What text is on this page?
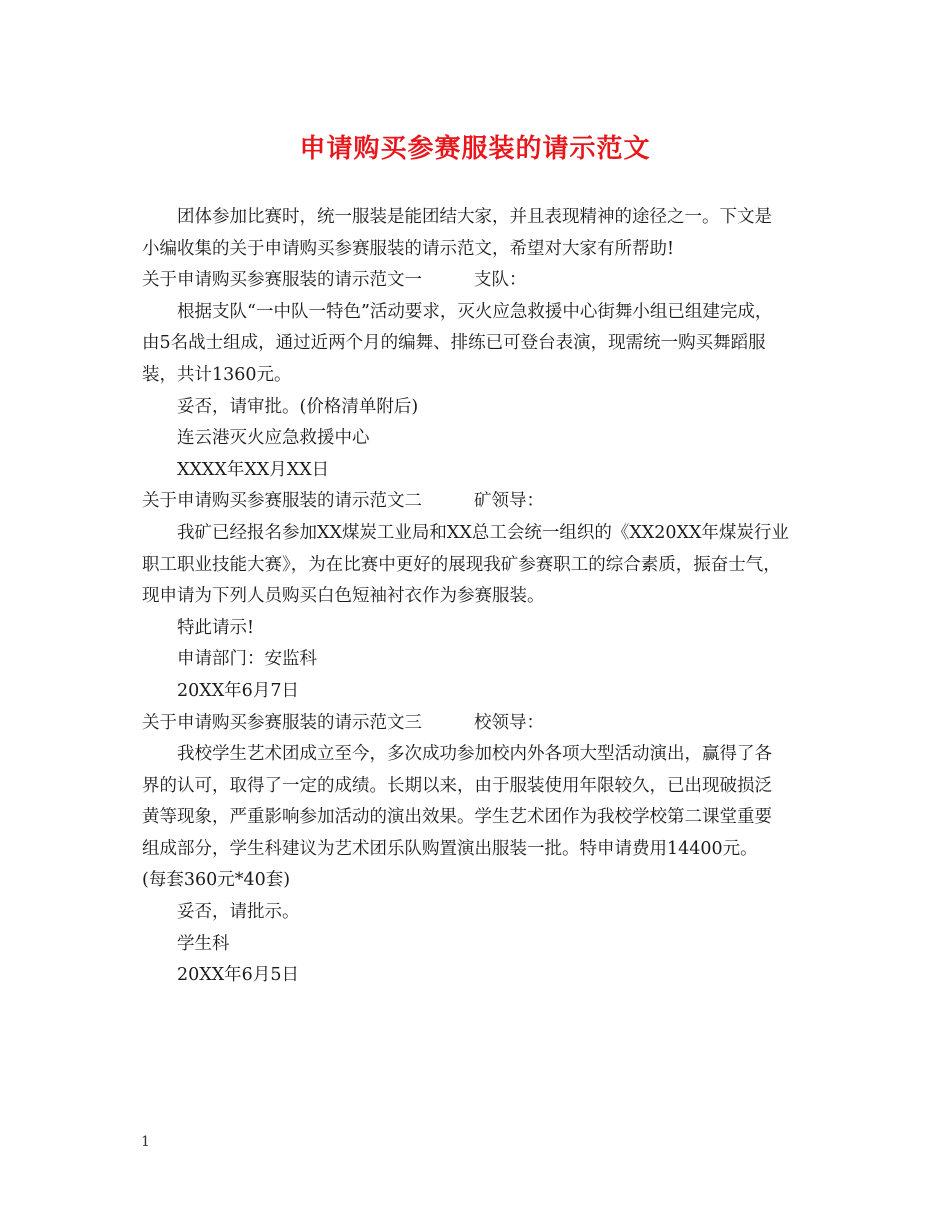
申请购买参赛服装的请示范文
团体参加比赛时，统一服装是能团结大家，并且表现精神的途径之一。下文是
小编收集的关于申请购买参赛服装的请示范文，希望对大家有所帮助!
关于申请购买参赛服装的请示范文一	支队：
根据支队“一中队一特色”活动要求，灭火应急救援中心街舞小组已组建完成，
由5名战士组成，通过近两个月的编舞、排练已可登台表演，现需统一购买舞蹈服
装，共计1360元。
妥否，请审批。(价格清单附后)
连云港灭火应急救援中心
XXXX年XX月XX日
关于申请购买参赛服装的请示范文二	矿领导：
我矿已经报名参加XX煤炭工业局和XX总工会统一组织的《XX20XX年煤炭行业
职工职业技能大赛》，为在比赛中更好的展现我矿参赛职工的综合素质，振奋士气，
现申请为下列人员购买白色短袖衬衣作为参赛服装。
特此请示!
申请部门：安监科
20XX年6月7日
关于申请购买参赛服装的请示范文三	校领导：
我校学生艺术团成立至今，多次成功参加校内外各项大型活动演出，赢得了各
界的认可，取得了一定的成绩。长期以来，由于服装使用年限较久，已出现破损泛
黄等现象，严重影响参加活动的演出效果。学生艺术团作为我校学校第二课堂重要
组成部分，学生科建议为艺术团乐队购置演出服装一批。特申请费用14400元。
(每套360元*40套)
妥否，请批示。
学生科
20XX年6月5日
1
